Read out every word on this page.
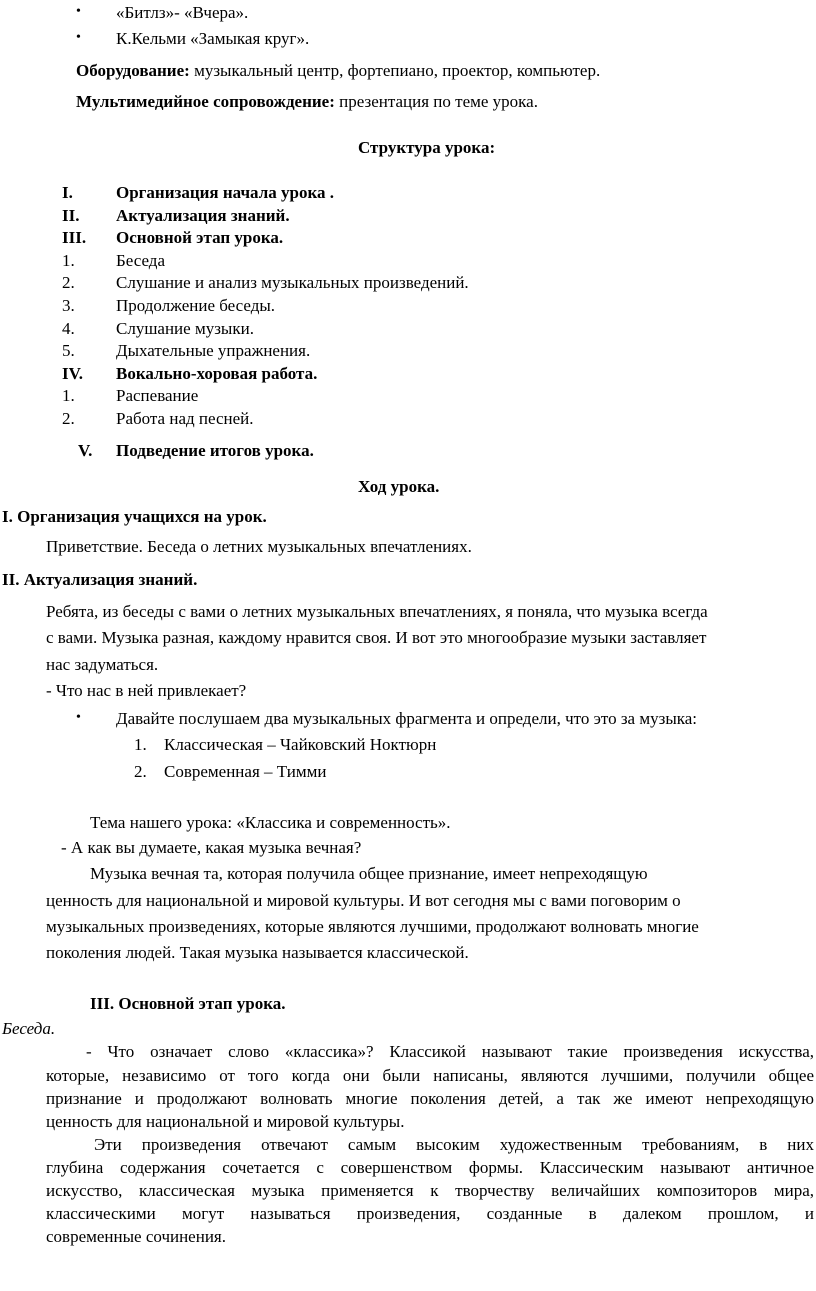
• «Битлз»- «Вчера».
• К.Кельми «Замыкая круг».
Оборудование: музыкальный центр, фортепиано, проектор, компьютер.
Мультимедийное сопровождение: презентация по теме урока.
Структура урока:
I.	Организация начала урока .
II. Актуализация знаний.
III. Основной этап урока.
1. Беседа
2. Слушание и анализ музыкальных произведений.
3. Продолжение беседы.
4. Слушание музыки.
5. Дыхательные упражнения.
IV. Вокально-хоровая работа.
1. Распевание
2. Работа над песней.
V. Подведение итогов урока.
Ход урока.
I. Организация учащихся на урок.
Приветствие. Беседа о летних музыкальных впечатлениях.
II. Актуализация знаний.
Ребята, из беседы с вами о летних музыкальных впечатлениях, я поняла, что музыка всегда
с вами. Музыка разная, каждому нравится своя. И вот это многообразие музыки заставляет
нас задуматься.
- Что нас в ней привлекает?
• Давайте послушаем два музыкальных фрагмента и определи, что это за музыка:
1. Классическая – Чайковский Ноктюрн
2. Современная – Тимми
Тема нашего урока: «Классика и современность».
- А как вы думаете, какая музыка вечная?
Музыка вечная та, которая получила общее признание, имеет непреходящую
ценность для национальной и мировой культуры. И вот сегодня мы с вами поговорим о
музыкальных произведениях, которые являются лучшими, продолжают волновать многие
поколения людей. Такая музыка называется классической.
III. Основной этап урока.
Беседа.
- Что означает слово «классика»? Классикой называют такие произведения искусства,
которые, независимо от того когда они были написаны, являются лучшими, получили общее
признание и продолжают волновать многие поколения детей, а так же имеют непреходящую
ценность для национальной и мировой культуры.
Эти произведения отвечают самым высоким художественным требованиям, в них
глубина содержания сочетается с совершенством формы. Классическим называют античное
искусство, классическая музыка применяется к творчеству величайших композиторов мира,
классическими могут называться произведения, созданные в далеком прошлом, и
современные сочинения.
